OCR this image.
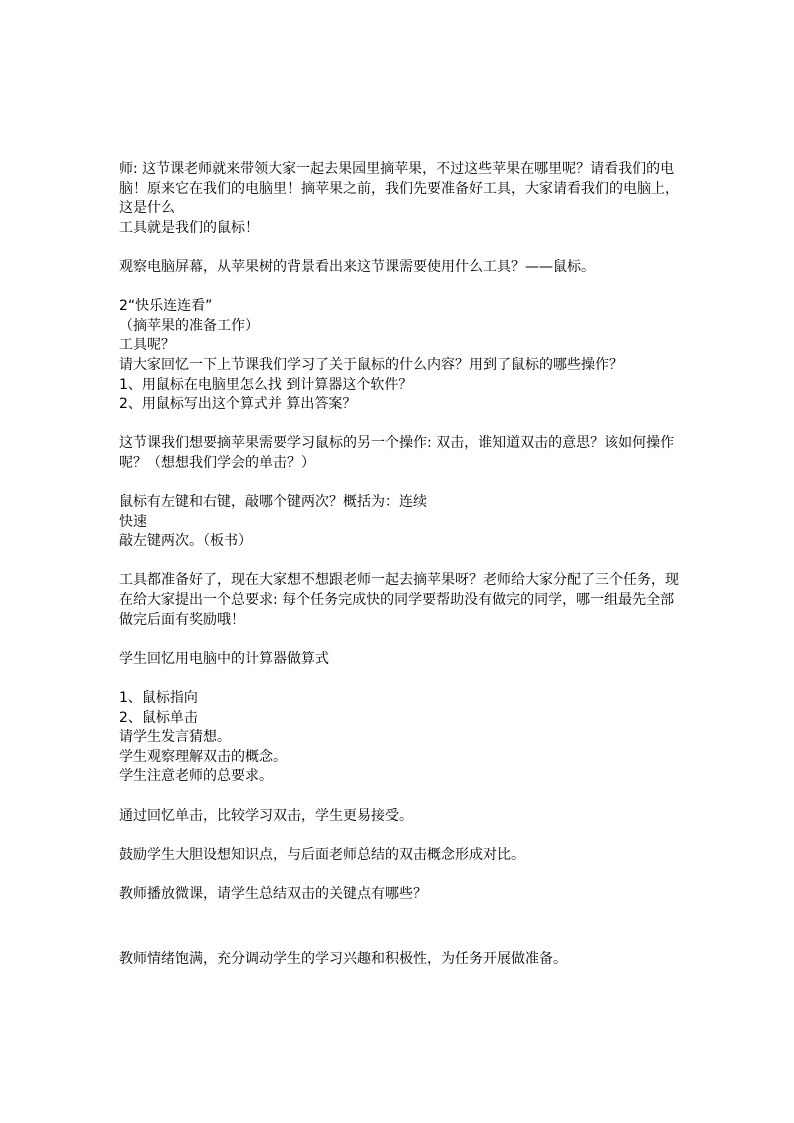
师: 这节课老师就来带领大家一起去果园里摘苹果，不过这些苹果在哪里呢？请看我们的电
脑！原来它在我们的电脑里！摘苹果之前，我们先要准备好工具，大家请看我们的电脑上，
这是什么
工具就是我们的鼠标！
观察电脑屏幕，从苹果树的背景看出来这节课需要使用什么工具？——鼠标。
2“快乐连连看”
（摘苹果的准备工作）
工具呢？
请大家回忆一下上节课我们学习了关于鼠标的什么内容？用到了鼠标的哪些操作？
1、用鼠标在电脑里怎么找 到计算器这个软件？
2、用鼠标写出这个算式并 算出答案？
这节课我们想要摘苹果需要学习鼠标的另一个操作: 双击，谁知道双击的意思？该如何操作
呢？（想想我们学会的单击？）
鼠标有左键和右键，敲哪个键两次？概括为：连续
快速
敲左键两次。（板书）
工具都准备好了，现在大家想不想跟老师一起去摘苹果呀？老师给大家分配了三个任务，现
在给大家提出一个总要求: 每个任务完成快的同学要帮助没有做完的同学，哪一组最先全部
做完后面有奖励哦！
学生回忆用电脑中的计算器做算式
1、鼠标指向
2、鼠标单击
请学生发言猜想。
学生观察理解双击的概念。
学生注意老师的总要求。
通过回忆单击，比较学习双击，学生更易接受。
鼓励学生大胆设想知识点，与后面老师总结的双击概念形成对比。
教师播放微课，请学生总结双击的关键点有哪些？
教师情绪饱满，充分调动学生的学习兴趣和积极性，为任务开展做准备。
